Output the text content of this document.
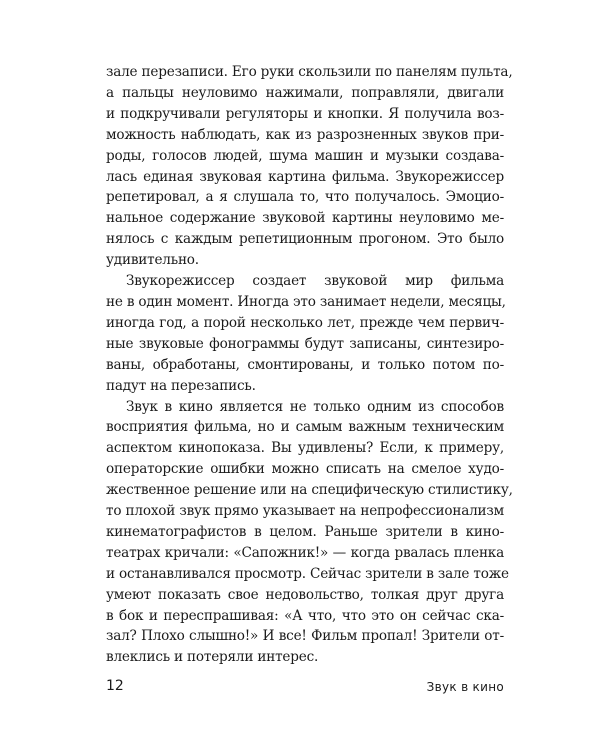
зале перезаписи. Его руки скользили по панелям пульта,
а пальцы неуловимо нажимали, поправляли, двигали
и подкручивали регуляторы и кнопки. Я получила воз-
можность наблюдать, как из разрозненных звуков при-
роды, голосов людей, шума машин и музыки создава-
лась единая звуковая картина фильма. Звукорежиссер
репетировал, а я слушала то, что получалось. Эмоцио-
нальное содержание звуковой картины неуловимо ме-
нялось с каждым репетиционным прогоном. Это было
удивительно.
Звукорежиссер создает звуковой мир фильма
не в один момент. Иногда это занимает недели, месяцы,
иногда год, а порой несколько лет, прежде чем первич-
ные звуковые фонограммы будут записаны, синтезиро-
ваны, обработаны, смонтированы, и только потом по-
падут на перезапись.
Звук в кино является не только одним из способов
восприятия фильма, но и самым важным техническим
аспектом кинопоказа. Вы удивлены? Если, к примеру,
операторские ошибки можно списать на смелое худо-
жественное решение или на специфическую стилистику,
то плохой звук прямо указывает на непрофессионализм
кинематографистов в целом. Раньше зрители в кино-
театрах кричали: «Сапожник!» — когда рвалась пленка
и останавливался просмотр. Сейчас зрители в зале тоже
умеют показать свое недовольство, толкая друг друга
в бок и переспрашивая: «А что, что это он сейчас ска-
зал? Плохо слышно!» И все! Фильм пропал! Зрители от-
влеклись и потеряли интерес.
12	Звук в кино
